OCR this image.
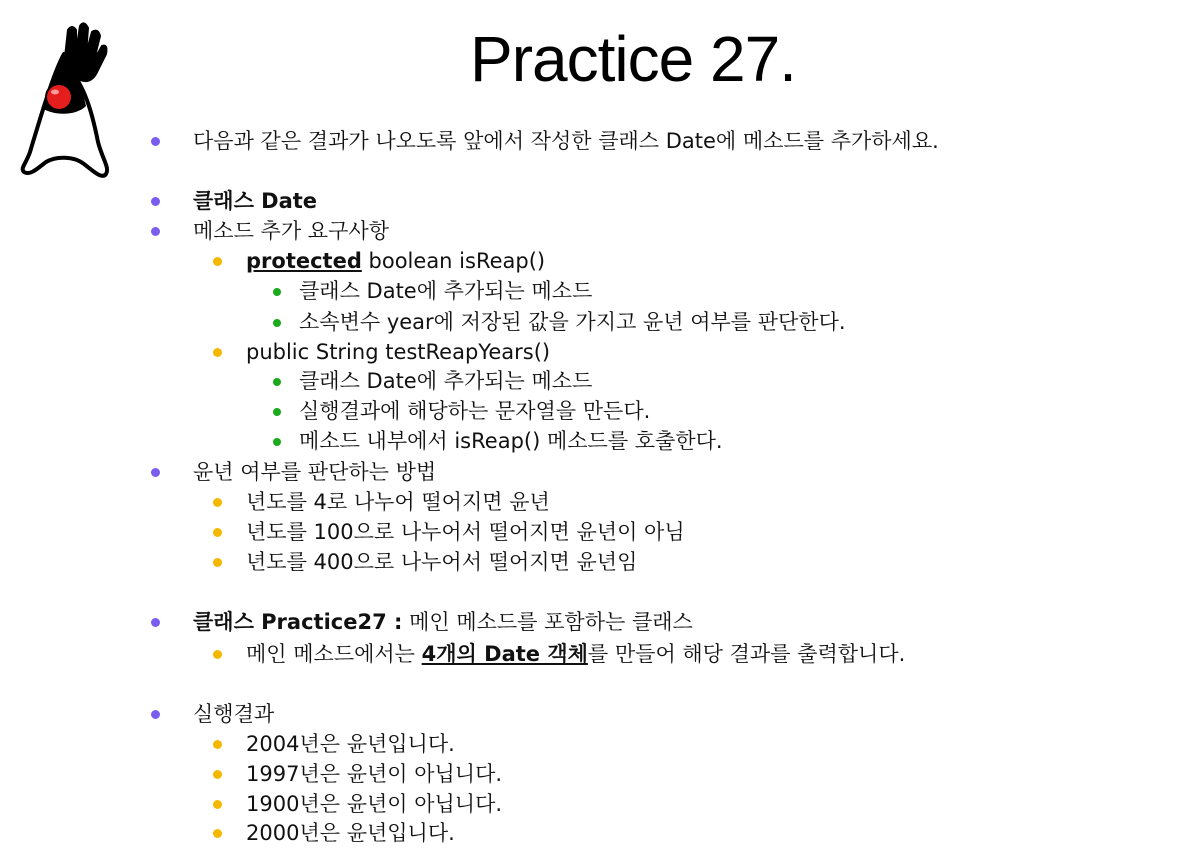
Practice 27.
다음과 같은 결과가 나오도록 앞에서 작성한 클래스 Date에 메소드를 추가하세요.
클래스 Date
메소드 추가 요구사항
protected boolean isReap()
클래스 Date에 추가되는 메소드
소속변수 year에 저장된 값을 가지고 윤년 여부를 판단한다.
public String testReapYears()
클래스 Date에 추가되는 메소드
실행결과에 해당하는 문자열을 만든다.
메소드 내부에서 isReap() 메소드를 호출한다.
윤년 여부를 판단하는 방법
년도를 4로 나누어 떨어지면 윤년
년도를 100으로 나누어서 떨어지면 윤년이 아님
년도를 400으로 나누어서 떨어지면 윤년임
클래스 Practice27 : 메인 메소드를 포함하는 클래스
메인 메소드에서는 4개의 Date 객체를 만들어 해당 결과를 출력합니다.
실행결과
2004년은 윤년입니다.
1997년은 윤년이 아닙니다.
1900년은 윤년이 아닙니다.
2000년은 윤년입니다.
